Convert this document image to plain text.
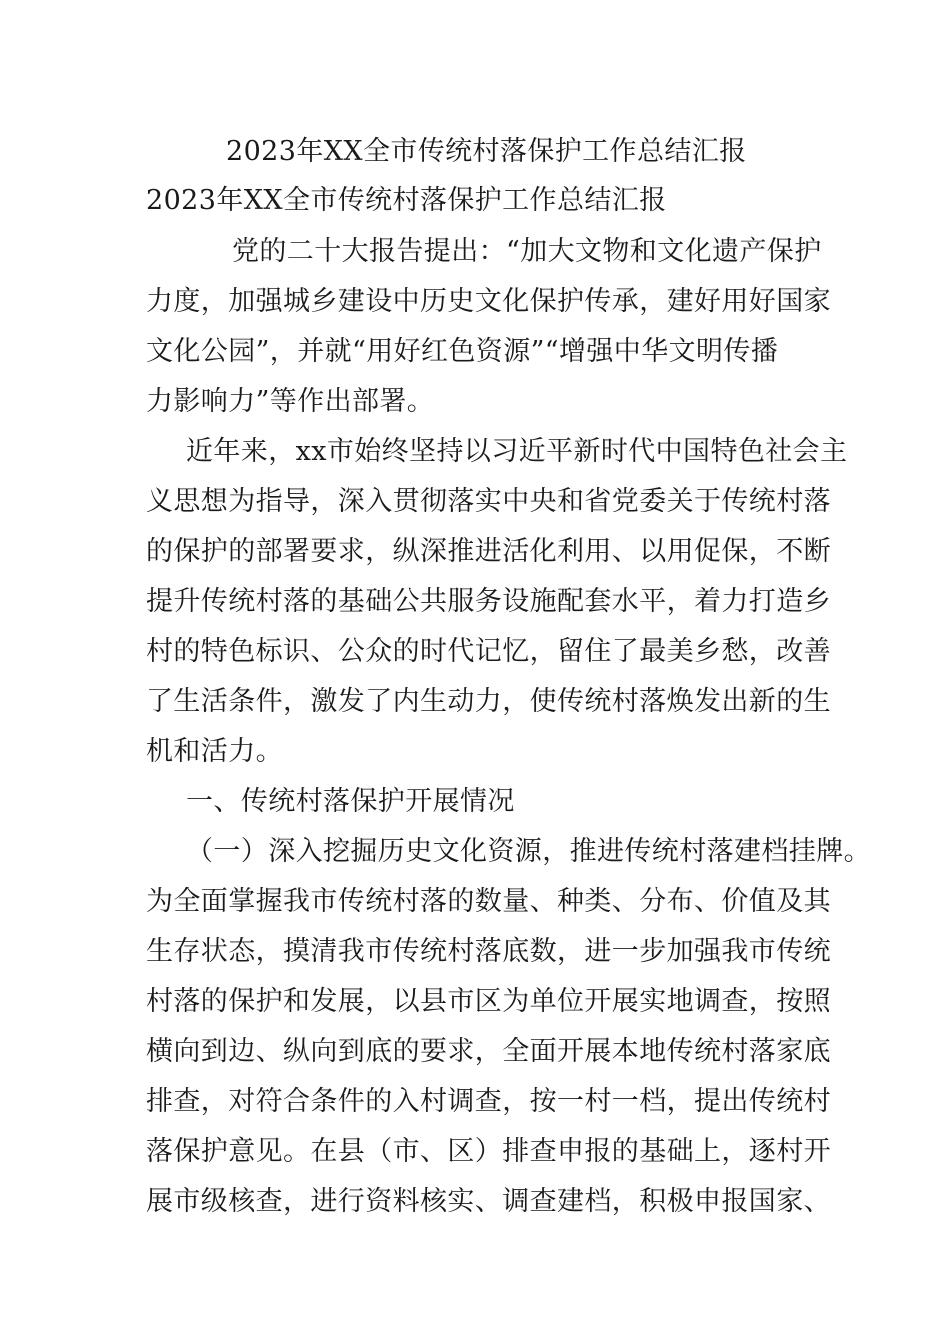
2023年XX全市传统村落保护工作总结汇报
2023年XX全市传统村落保护工作总结汇报
党的二十大报告提出：“加大文物和文化遗产保护
力度，加强城乡建设中历史文化保护传承，建好用好国家
文化公园”，并就“用好红色资源”“增强中华文明传播
力影响力”等作出部署。
近年来，xx市始终坚持以习近平新时代中国特色社会主
义思想为指导，深入贯彻落实中央和省党委关于传统村落
的保护的部署要求，纵深推进活化利用、以用促保，不断
提升传统村落的基础公共服务设施配套水平，着力打造乡
村的特色标识、公众的时代记忆，留住了最美乡愁，改善
了生活条件，激发了内生动力，使传统村落焕发出新的生
机和活力。
一、传统村落保护开展情况
（一）深入挖掘历史文化资源，推进传统村落建档挂牌。
为全面掌握我市传统村落的数量、种类、分布、价值及其
生存状态，摸清我市传统村落底数，进一步加强我市传统
村落的保护和发展，以县市区为单位开展实地调查，按照
横向到边、纵向到底的要求，全面开展本地传统村落家底
排查，对符合条件的入村调查，按一村一档，提出传统村
落保护意见。在县（市、区）排查申报的基础上，逐村开
展市级核查，进行资料核实、调查建档，积极申报国家、
